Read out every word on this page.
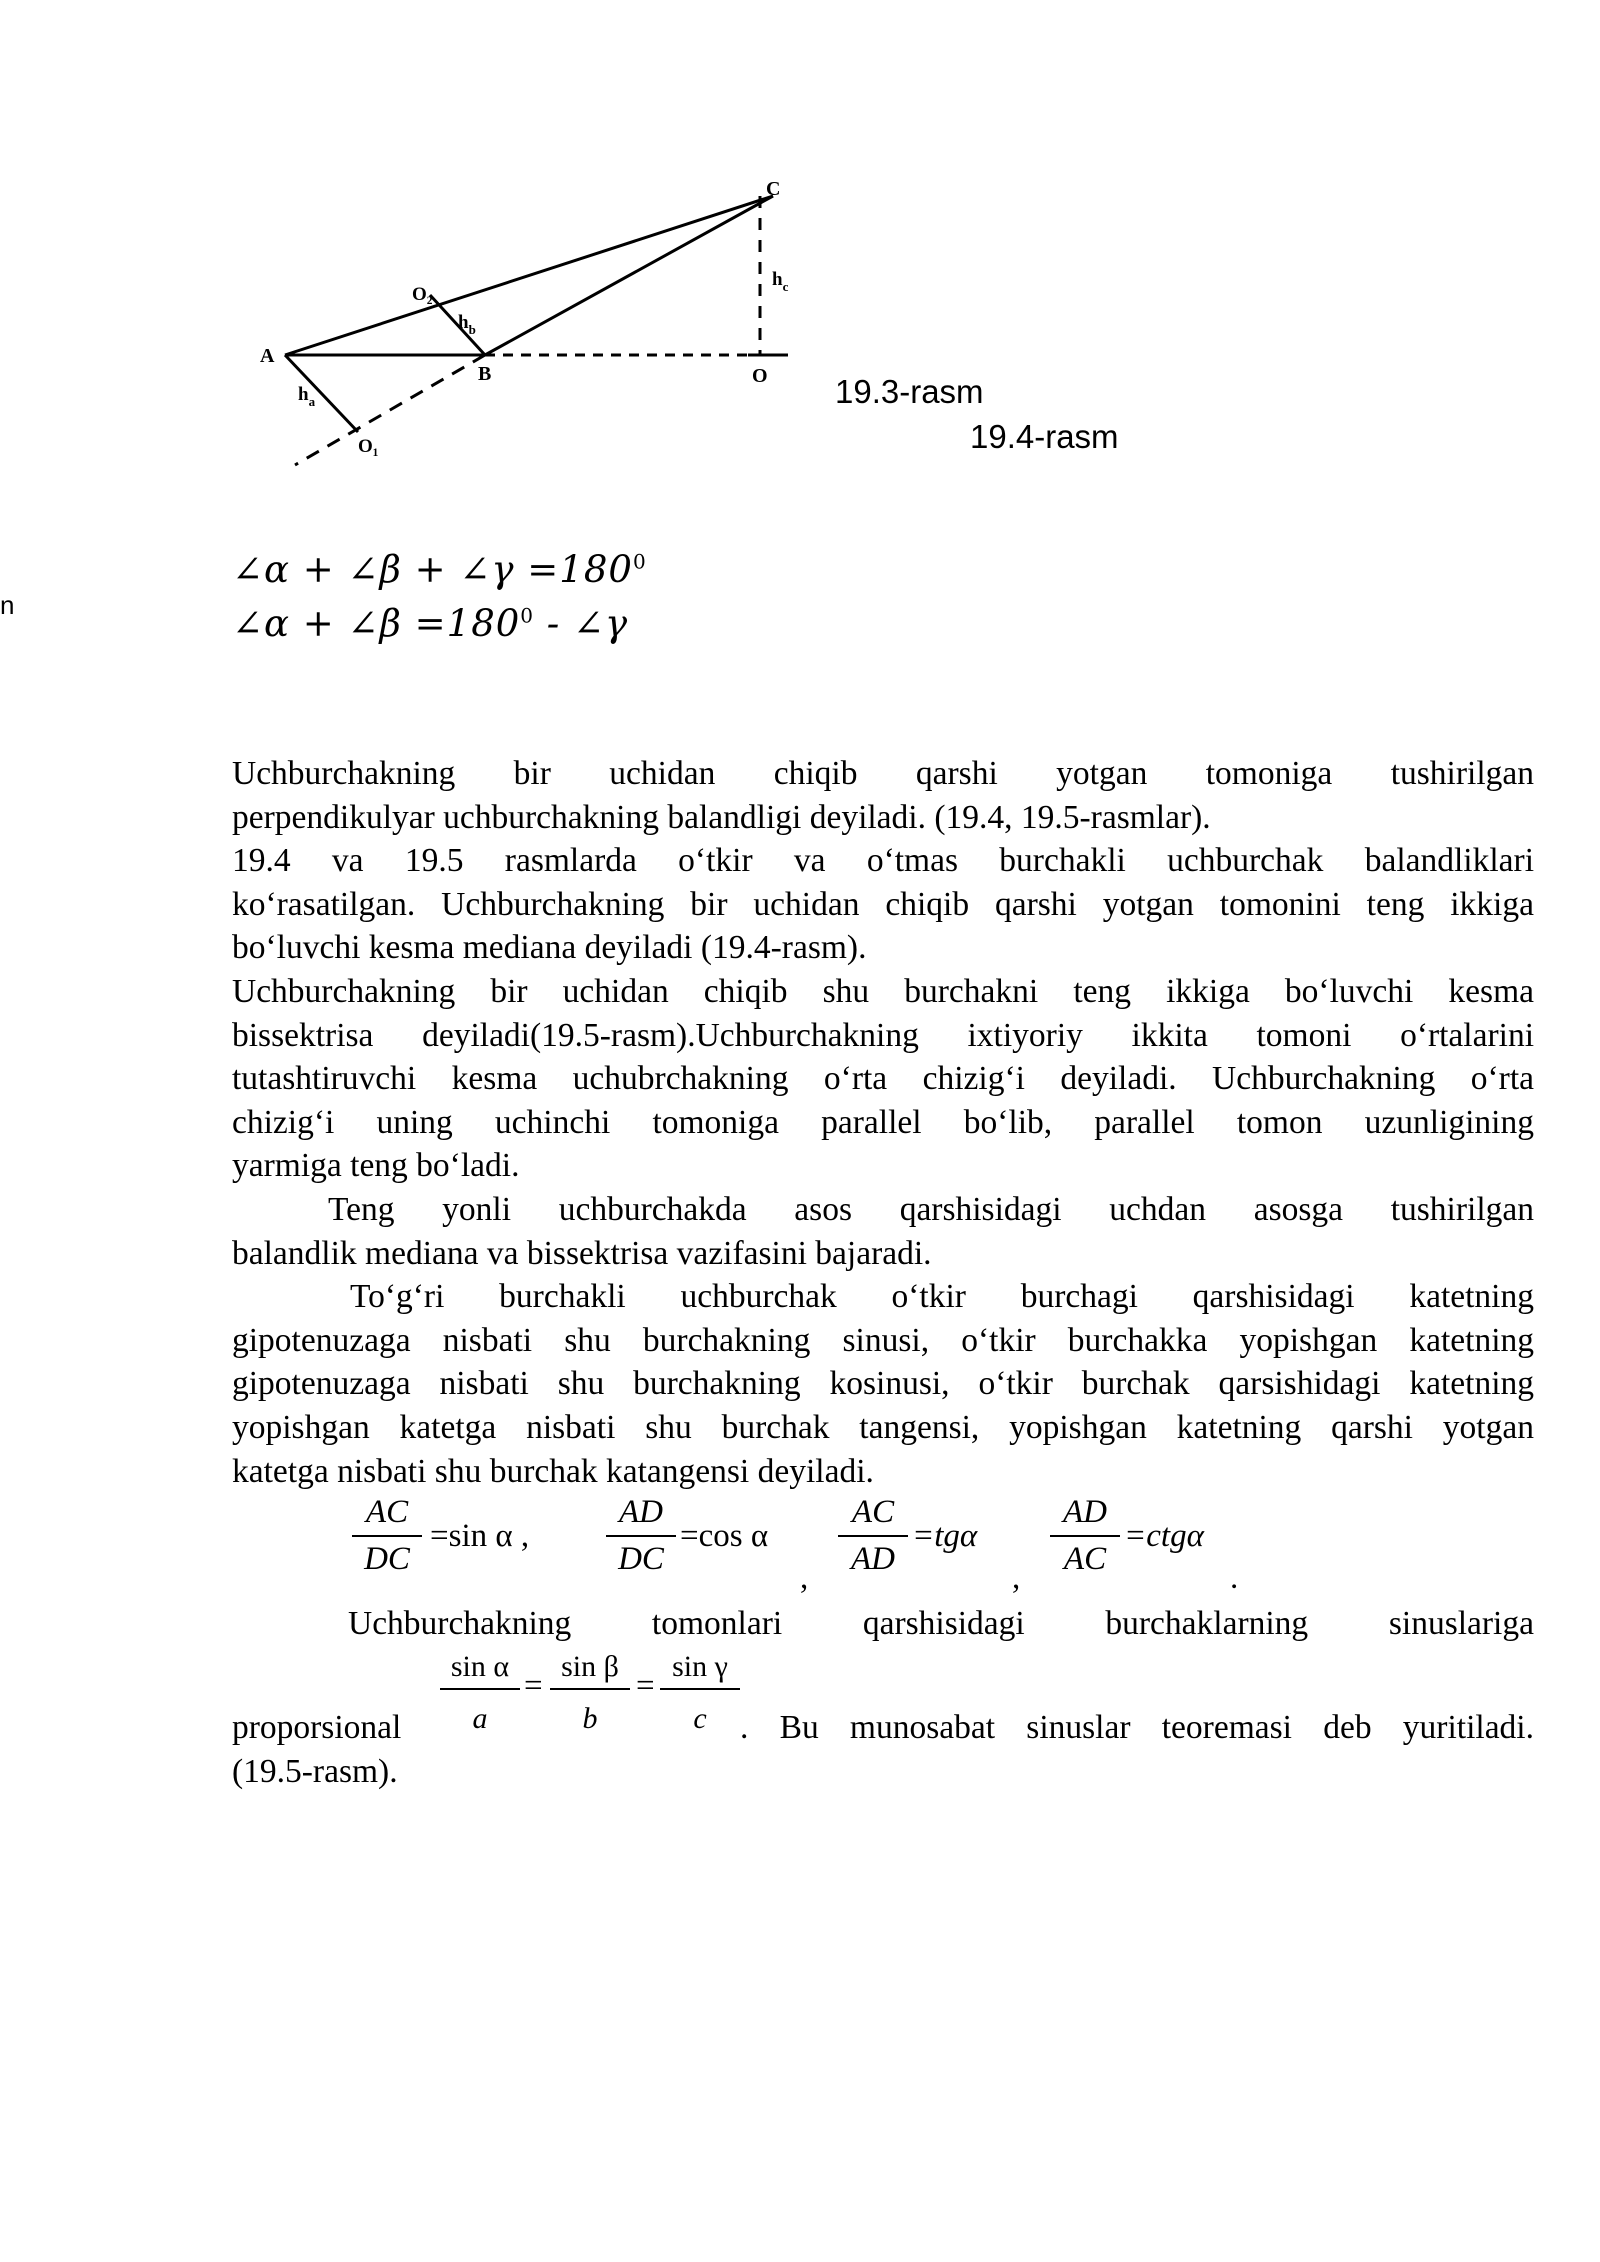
A
B
C
O
O₁
O₂
$h_a$
$h_b$
$h_c$
19.3-rasm
19.4-rasm
n
∠α + ∠β + ∠γ $=180^0$
∠α + ∠β $=180^0$ - ∠γ
Uchburchakning bir uchidan chiqib qarshi yotgan tomoniga tushirilgan
perpendikulyar uchburchakning balandligi deyiladi. (19.4, 19.5-rasmlar).
19.4 va 19.5 rasmlarda o‘tkir va o‘tmas burchakli uchburchak balandliklari
ko‘rasatilgan. Uchburchakning bir uchidan chiqib qarshi yotgan tomonini teng ikkiga
bo‘luvchi kesma mediana deyiladi (19.4-rasm).
Uchburchakning bir uchidan chiqib shu burchakni teng ikkiga bo‘luvchi kesma
bissektrisa deyiladi(19.5-rasm).Uchburchakning ixtiyoriy ikkita tomoni o‘rtalarini
tutashtiruvchi kesma uchubrchakning o‘rta chizig‘i deyiladi. Uchburchakning o‘rta
chizig‘i uning uchinchi tomoniga parallel bo‘lib, parallel tomon uzunligining
yarmiga teng bo‘ladi.
Teng yonli uchburchakda asos qarshisidagi uchdan asosga tushirilgan
balandlik mediana va bissektrisa vazifasini bajaradi.
To‘g‘ri burchakli uchburchak o‘tkir burchagi qarshisidagi katetning
gipotenuzaga nisbati shu burchakning sinusi, o‘tkir burchakka yopishgan katetning
gipotenuzaga nisbati shu burchakning kosinusi, o‘tkir burchak qarsishidagi katetning
yopishgan katetga nisbati shu burchak tangensi, yopishgan katetning qarshi yotgan
katetga nisbati shu burchak katangensi deyiladi.
AC
DC
=sin α ,
AD
DC
=cos α
,
AC
AD
=tgα
,
AD
AC
=ctgα
.
Uchburchakning tomonlari qarshisidagi burchaklarning sinuslariga
sin α
a
=
sin β
b
=
sin γ
c
proporsional	. Bu munosabat sinuslar teoremasi deb yuritiladi.
(19.5-rasm).
